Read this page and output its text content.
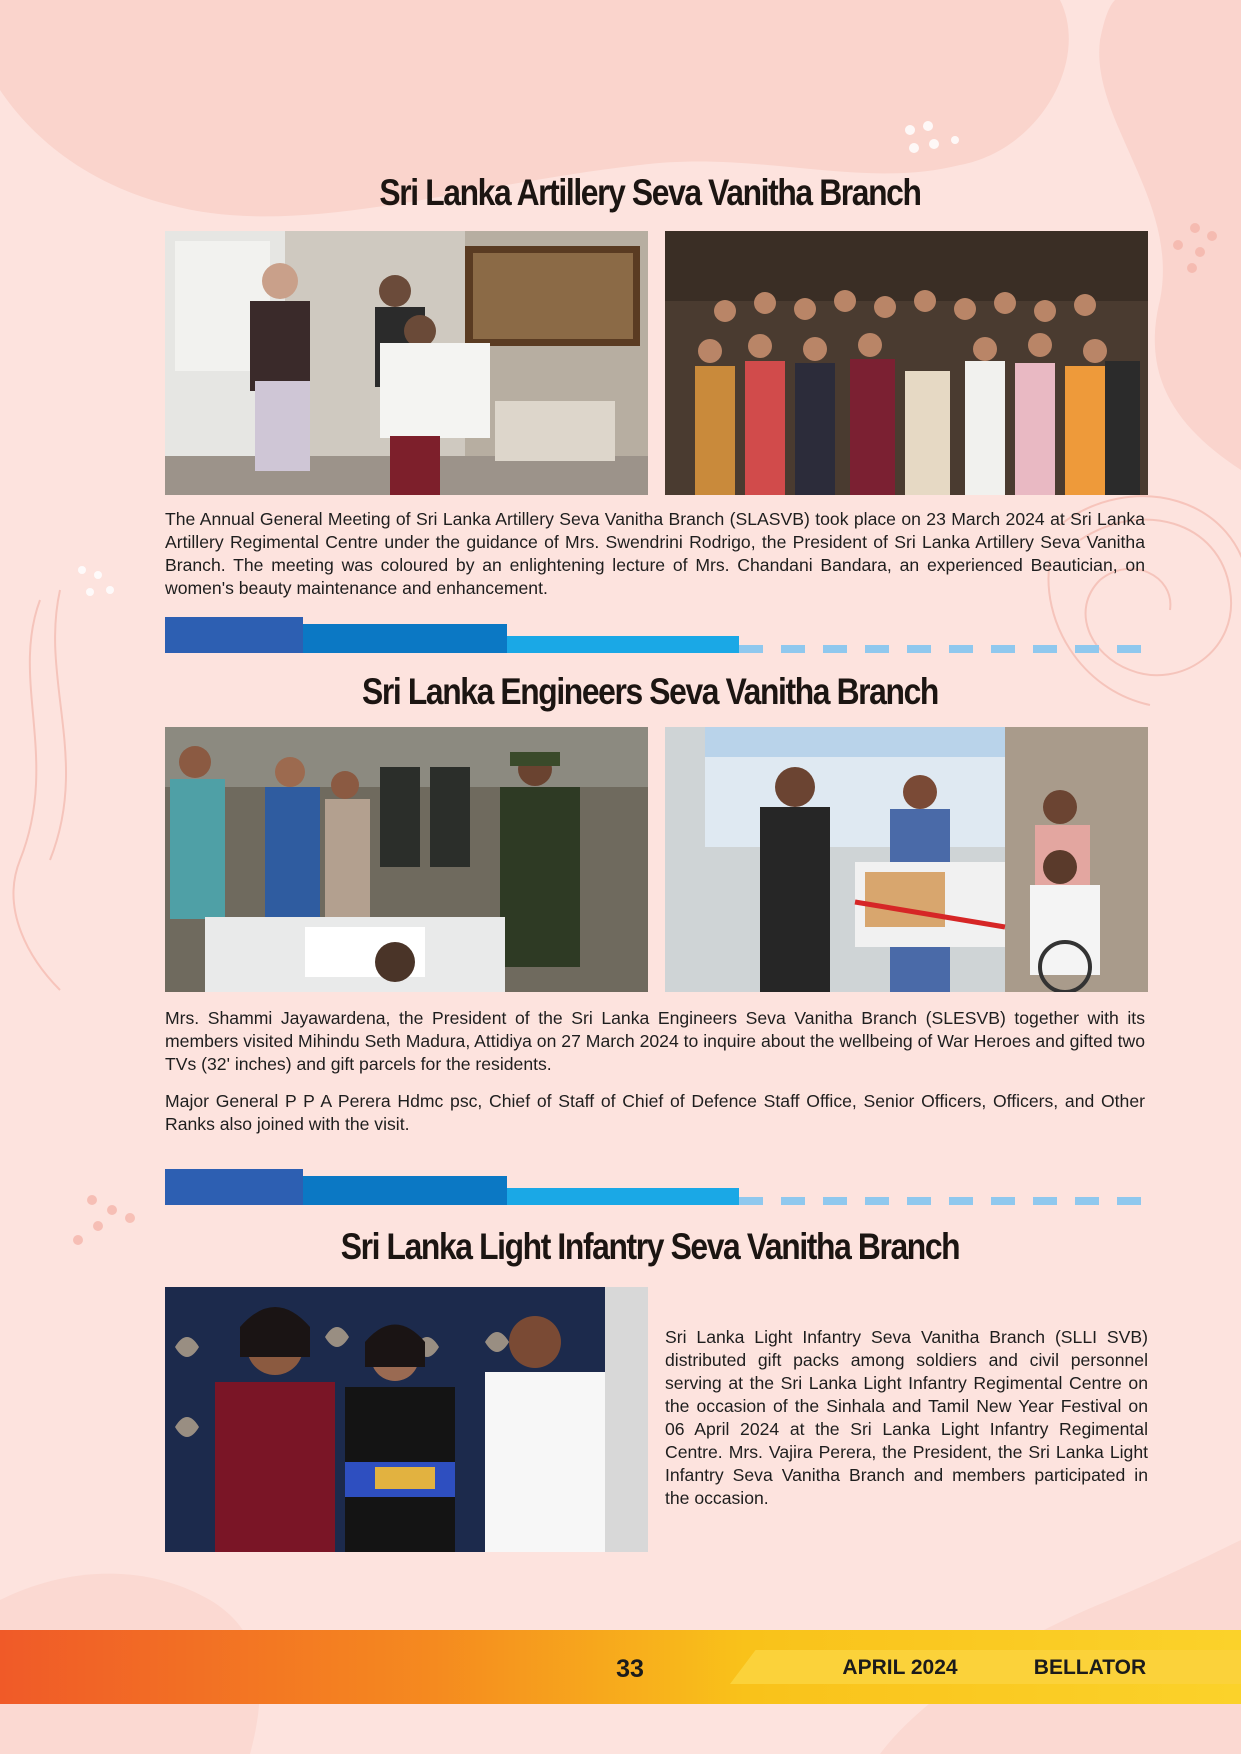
Sri Lanka Artillery Seva Vanitha Branch

The Annual General Meeting of Sri Lanka Artillery Seva Vanitha Branch (SLASVB) took place on 23 March 2024 at Sri Lanka Artillery Regimental Centre under the guidance of Mrs. Swendrini Rodrigo, the President of Sri Lanka Artillery Seva Vanitha Branch. The meeting was coloured by an enlightening lecture of Mrs. Chandani Bandara, an experienced Beautician, on women's beauty maintenance and enhancement.

Sri Lanka Engineers Seva Vanitha Branch

Mrs. Shammi Jayawardena, the President of the Sri Lanka Engineers Seva Vanitha Branch (SLESVB) together with its members visited Mihindu Seth Madura, Attidiya on 27 March 2024 to inquire about the wellbeing of War Heroes and gifted two TVs (32' inches) and gift parcels for the residents.

Major General P P A Perera Hdmc psc, Chief of Staff of Chief of Defence Staff Office, Senior Officers, Officers, and Other Ranks also joined with the visit.

Sri Lanka Light Infantry Seva Vanitha Branch

Sri Lanka Light Infantry Seva Vanitha Branch (SLLI SVB) distributed gift packs among soldiers and civil personnel serving at the Sri Lanka Light Infantry Regimental Centre on the occasion of the Sinhala and Tamil New Year Festival on 06 April 2024 at the Sri Lanka Light Infantry Regimental Centre. Mrs. Vajira Perera, the President, the Sri Lanka Light Infantry Seva Vanitha Branch and members participated in the occasion.

33	APRIL 2024	BELLATOR
